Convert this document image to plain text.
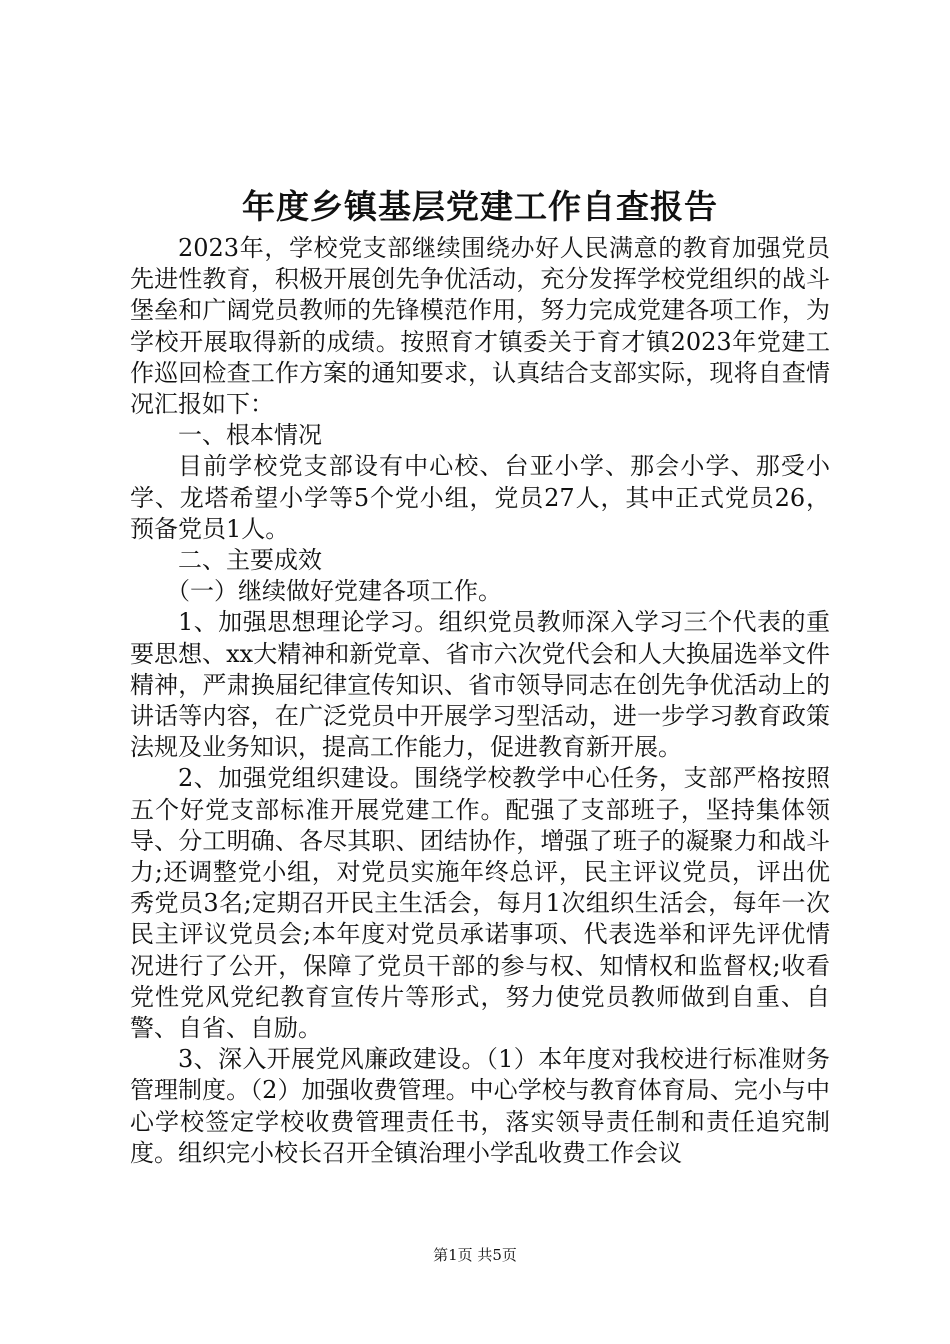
年度乡镇基层党建工作自查报告

2023年，学校党支部继续围绕办好人民满意的教育加强党员先进性教育，积极开展创先争优活动，充分发挥学校党组织的战斗堡垒和广阔党员教师的先锋模范作用，努力完成党建各项工作，为学校开展取得新的成绩。按照育才镇委关于育才镇2023年党建工作巡回检查工作方案的通知要求，认真结合支部实际，现将自查情况汇报如下：

一、根本情况

目前学校党支部设有中心校、台亚小学、那会小学、那受小学、龙塔希望小学等5个党小组，党员27人，其中正式党员26，预备党员1人。

二、主要成效

（一）继续做好党建各项工作。

1、加强思想理论学习。组织党员教师深入学习三个代表的重要思想、xx大精神和新党章、省市六次党代会和人大换届选举文件精神，严肃换届纪律宣传知识、省市领导同志在创先争优活动上的讲话等内容，在广泛党员中开展学习型活动，进一步学习教育政策法规及业务知识，提高工作能力，促进教育新开展。

2、加强党组织建设。围绕学校教学中心任务，支部严格按照五个好党支部标准开展党建工作。配强了支部班子，坚持集体领导、分工明确、各尽其职、团结协作，增强了班子的凝聚力和战斗力;还调整党小组，对党员实施年终总评，民主评议党员，评出优秀党员3名;定期召开民主生活会，每月1次组织生活会，每年一次民主评议党员会;本年度对党员承诺事项、代表选举和评先评优情况进行了公开，保障了党员干部的参与权、知情权和监督权;收看党性党风党纪教育宣传片等形式，努力使党员教师做到自重、自警、自省、自励。

3、深入开展党风廉政建设。（1）本年度对我校进行标准财务管理制度。（2）加强收费管理。中心学校与教育体育局、完小与中心学校签定学校收费管理责任书，落实领导责任制和责任追究制度。组织完小校长召开全镇治理小学乱收费工作会议

第1页 共5页
